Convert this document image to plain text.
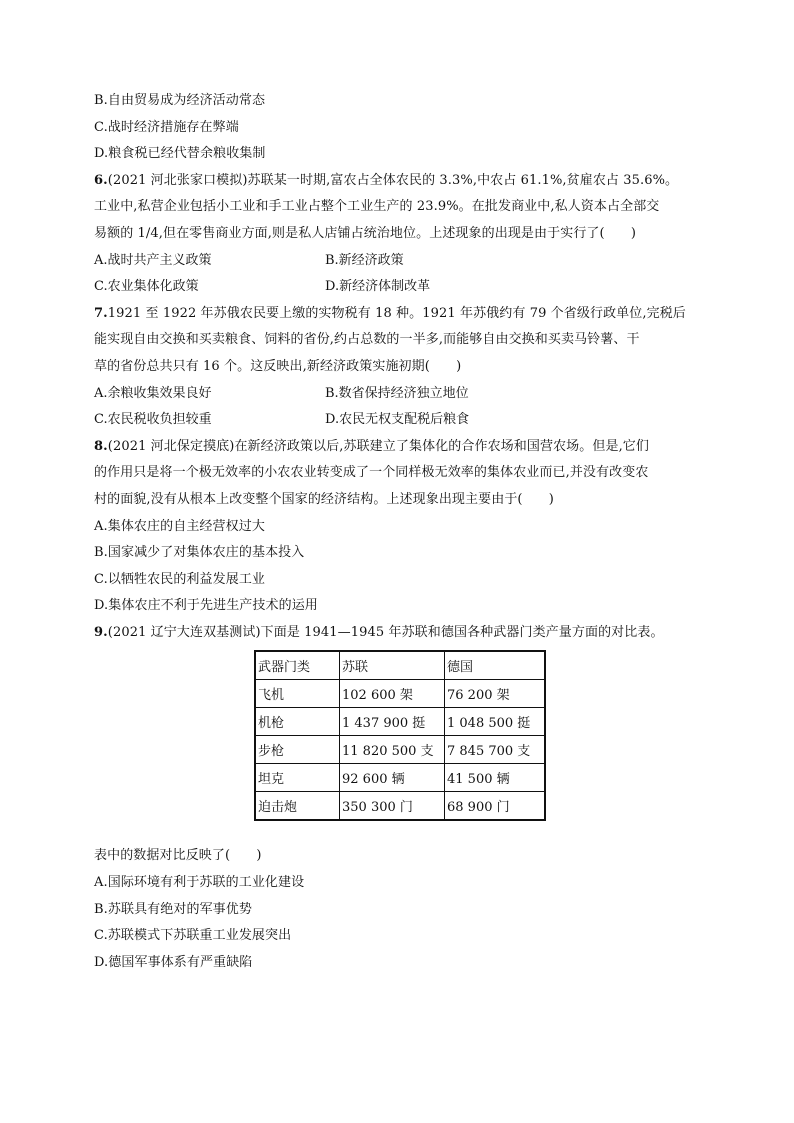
B.自由贸易成为经济活动常态
C.战时经济措施存在弊端
D.粮食税已经代替余粮收集制
6.(2021 河北张家口模拟)苏联某一时期,富农占全体农民的 3.3%,中农占 61.1%,贫雇农占 35.6%。
工业中,私营企业包括小工业和手工业占整个工业生产的 23.9%。在批发商业中,私人资本占全部交
易额的 1/4,但在零售商业方面,则是私人店铺占统治地位。上述现象的出现是由于实行了(　　)
A.战时共产主义政策	B.新经济政策
C.农业集体化政策	D.新经济体制改革
7.1921 至 1922 年苏俄农民要上缴的实物税有 18 种。1921 年苏俄约有 79 个省级行政单位,完税后
能实现自由交换和买卖粮食、饲料的省份,约占总数的一半多,而能够自由交换和买卖马铃薯、干
草的省份总共只有 16 个。这反映出,新经济政策实施初期(　　)
A.余粮收集效果良好	B.数省保持经济独立地位
C.农民税收负担较重	D.农民无权支配税后粮食
8.(2021 河北保定摸底)在新经济政策以后,苏联建立了集体化的合作农场和国营农场。但是,它们
的作用只是将一个极无效率的小农农业转变成了一个同样极无效率的集体农业而已,并没有改变农
村的面貌,没有从根本上改变整个国家的经济结构。上述现象出现主要由于(　　)
A.集体农庄的自主经营权过大
B.国家减少了对集体农庄的基本投入
C.以牺牲农民的利益发展工业
D.集体农庄不利于先进生产技术的运用
9.(2021 辽宁大连双基测试)下面是 1941—1945 年苏联和德国各种武器门类产量方面的对比表。
武器门类	苏联	德国
飞机	102 600 架	76 200 架
机枪	1 437 900 挺	1 048 500 挺
步枪	11 820 500 支	7 845 700 支
坦克	92 600 辆	41 500 辆
迫击炮	350 300 门	68 900 门
表中的数据对比反映了(　　)
A.国际环境有利于苏联的工业化建设
B.苏联具有绝对的军事优势
C.苏联模式下苏联重工业发展突出
D.德国军事体系有严重缺陷
